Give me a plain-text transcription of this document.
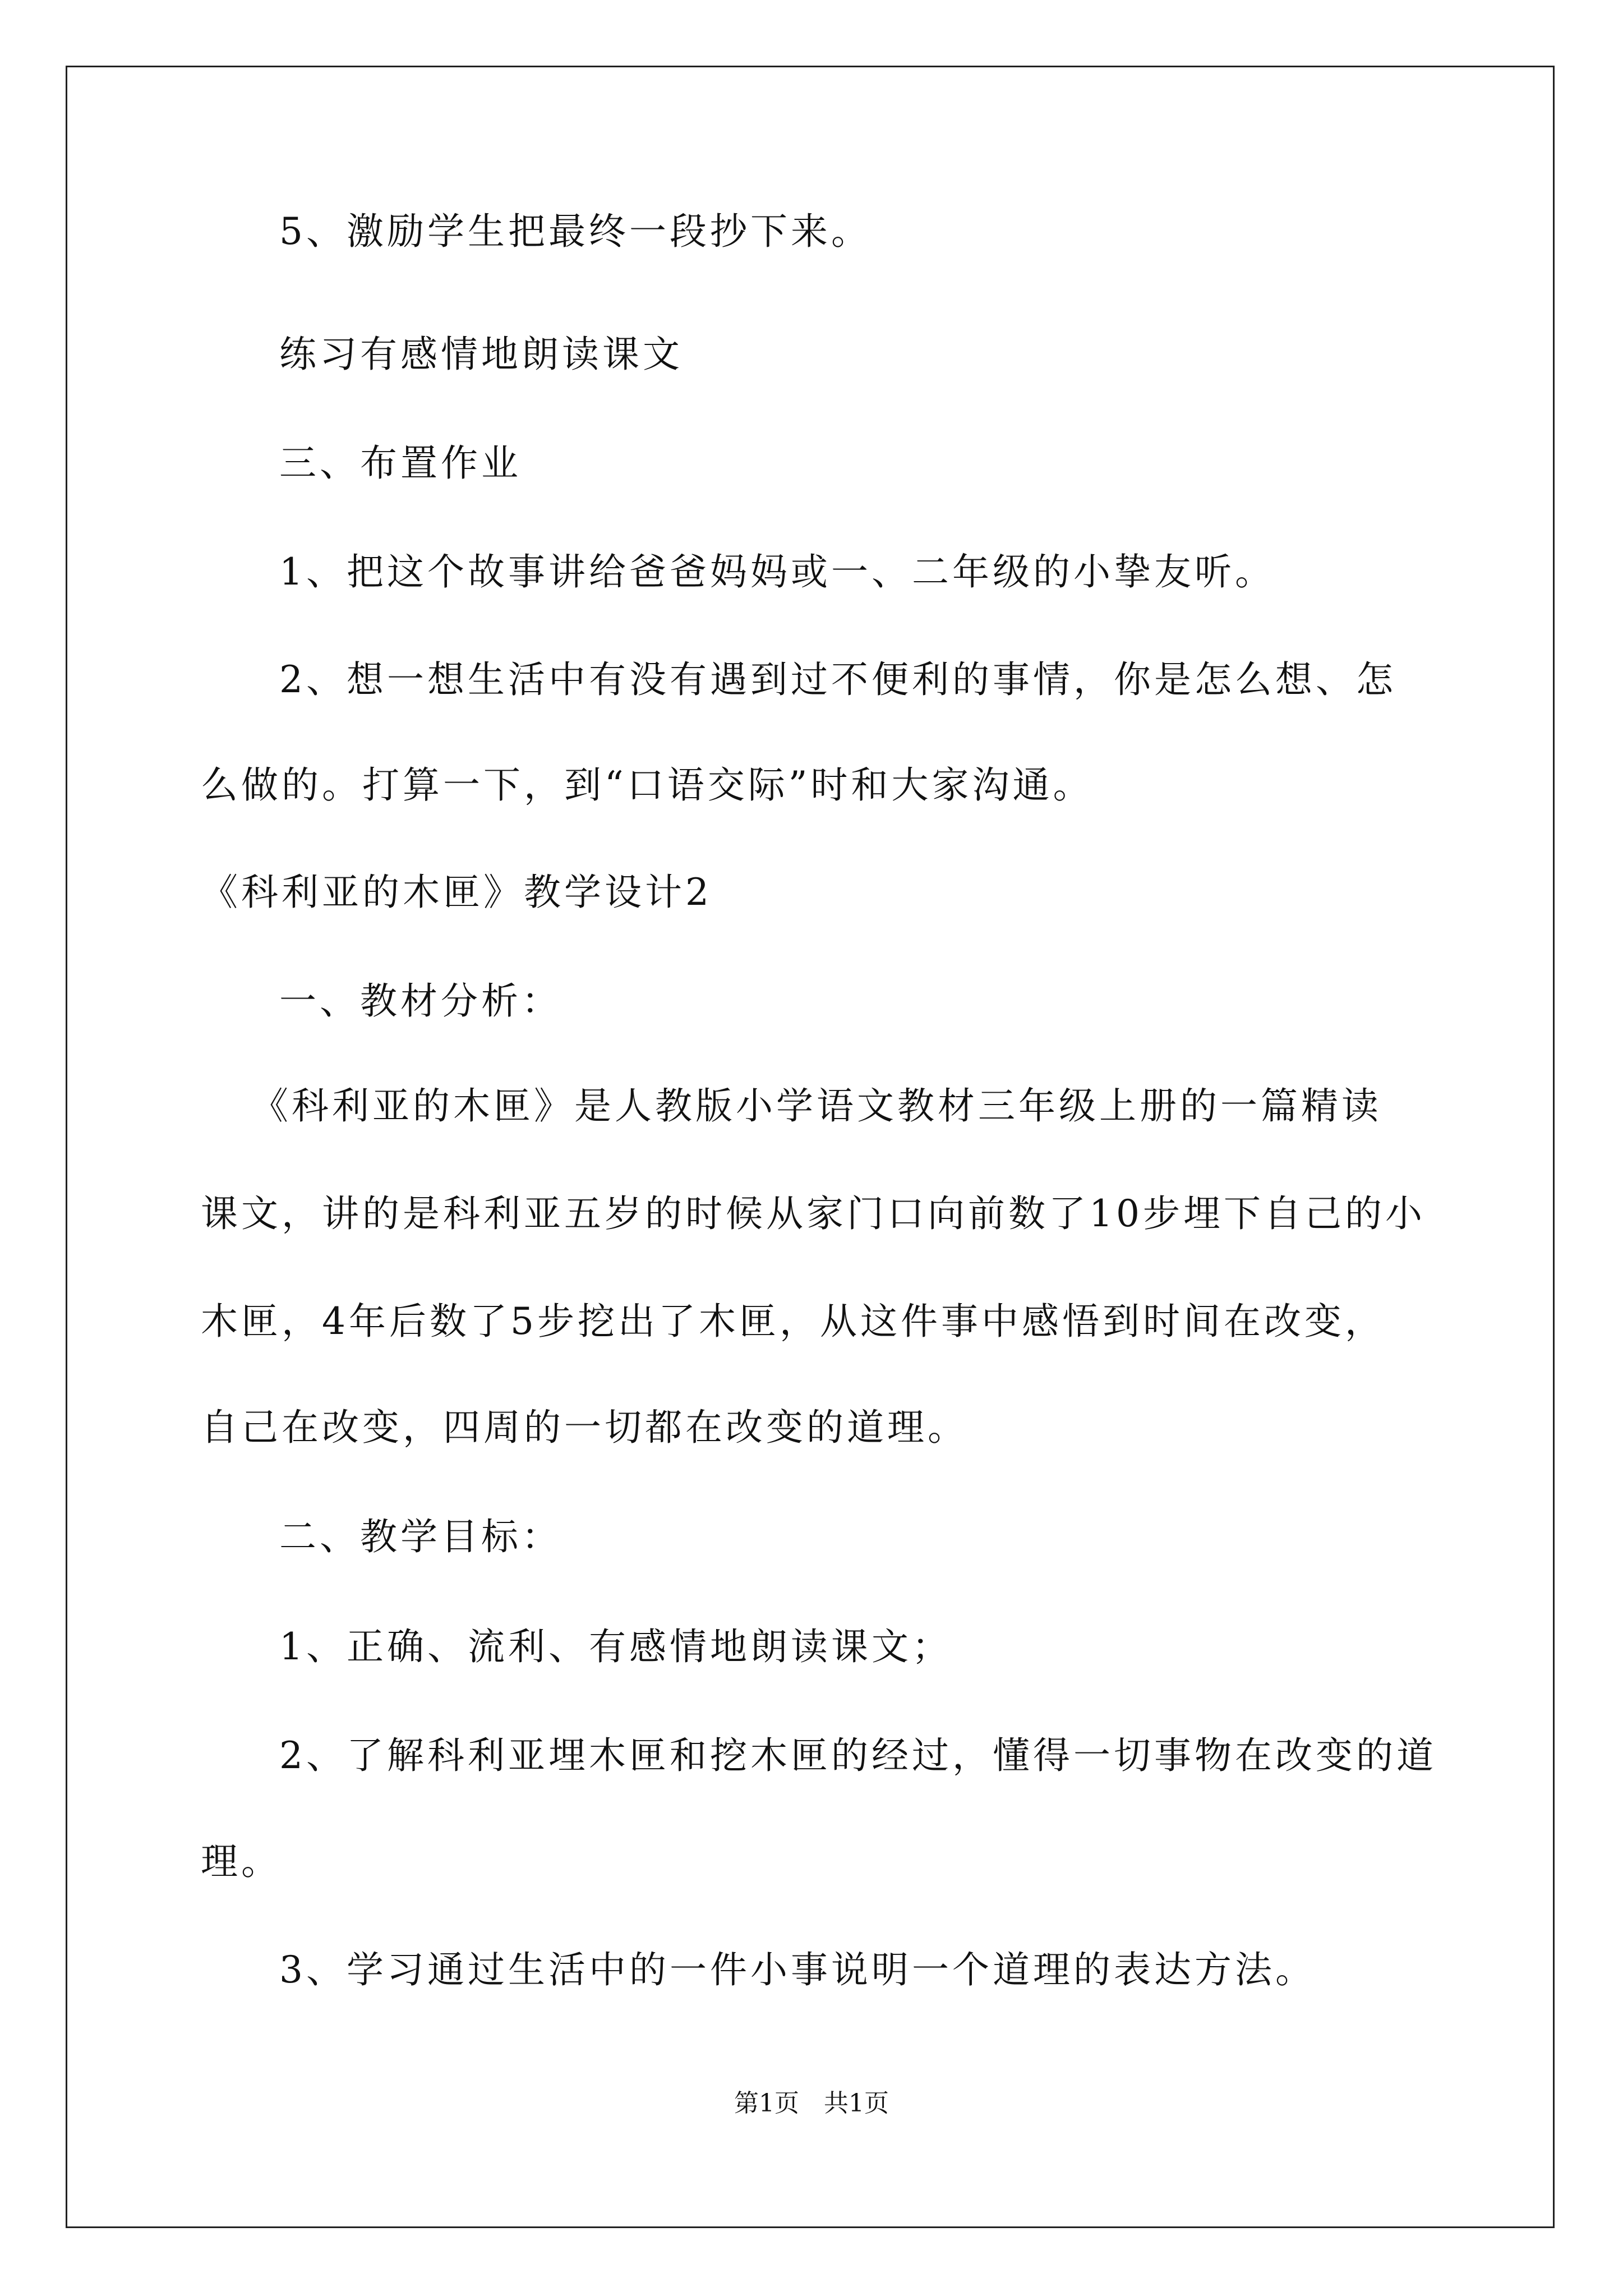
5、激励学生把最终一段抄下来。
练习有感情地朗读课文
三、布置作业
1、把这个故事讲给爸爸妈妈或一、二年级的小挚友听。
2、想一想生活中有没有遇到过不便利的事情，你是怎么想、怎
么做的。打算一下，到“口语交际”时和大家沟通。
《科利亚的木匣》教学设计2
一、教材分析：
《科利亚的木匣》是人教版小学语文教材三年级上册的一篇精读
课文，讲的是科利亚五岁的时候从家门口向前数了10步埋下自己的小
木匣，4年后数了5步挖出了木匣，从这件事中感悟到时间在改变，
自己在改变，四周的一切都在改变的道理。
二、教学目标：
1、正确、流利、有感情地朗读课文；
2、了解科利亚埋木匣和挖木匣的经过，懂得一切事物在改变的道
理。
3、学习通过生活中的一件小事说明一个道理的表达方法。
第1页　共1页
